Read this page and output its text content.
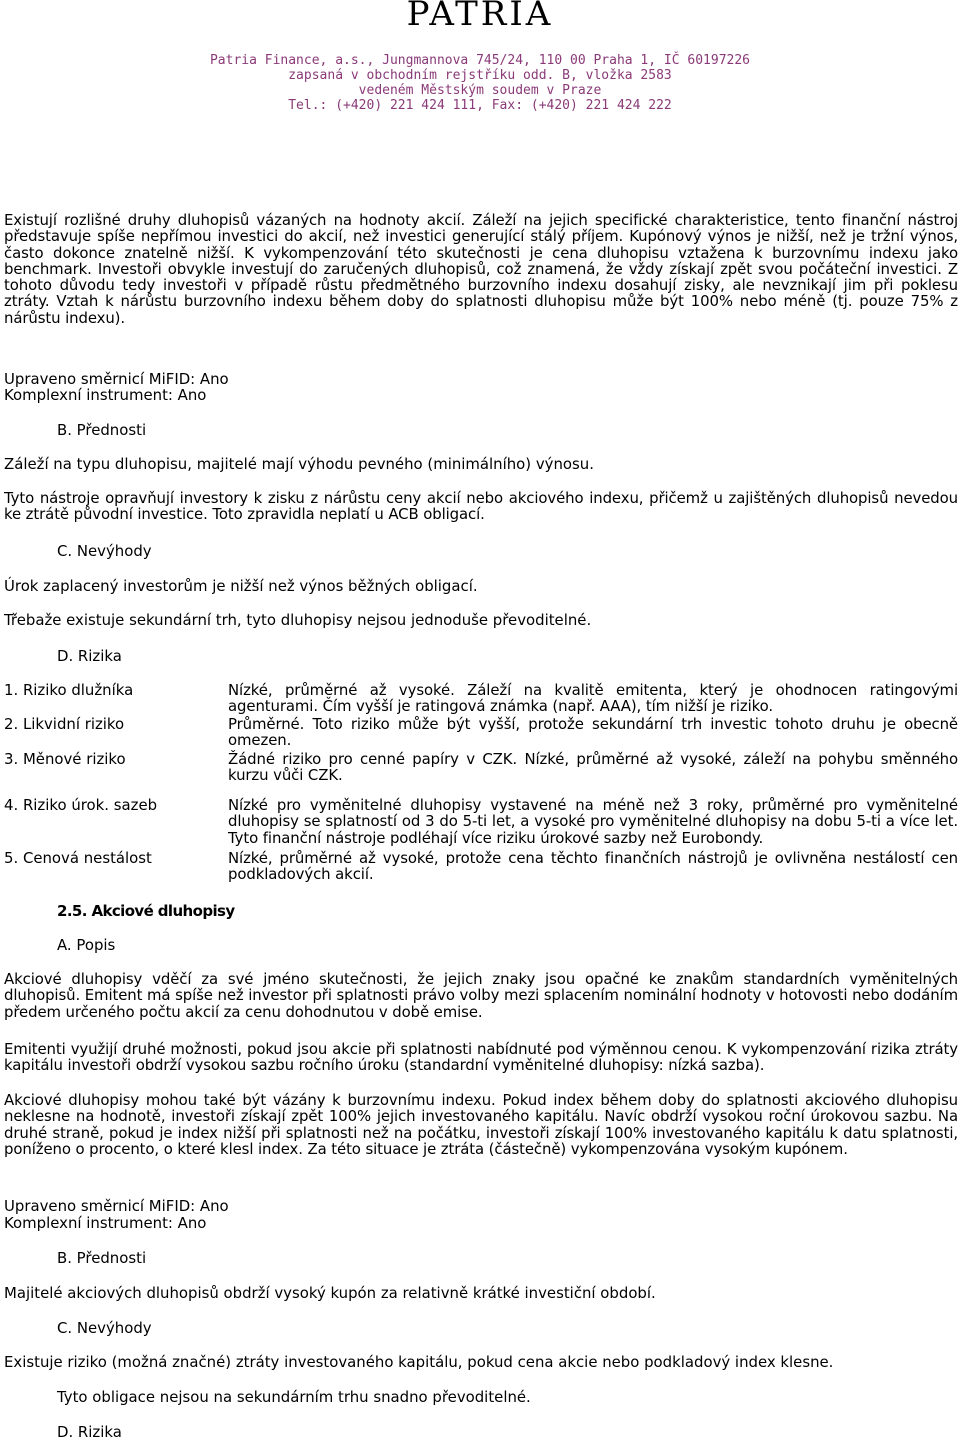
PATRIA
Patria Finance, a.s., Jungmannova 745/24, 110 00 Praha 1, IČ 60197226
zapsaná v obchodním rejstříku odd. B, vložka 2583
vedeném Městským soudem v Praze
Tel.: (+420) 221 424 111, Fax: (+420) 221 424 222

Existují rozlišné druhy dluhopisů vázaných na hodnoty akcií. Záleží na jejich specifické charakteristice, tento finanční nástroj představuje spíše nepřímou investici do akcií, než investici generující stálý příjem. Kupónový výnos je nižší, než je tržní výnos, často dokonce znatelně nižší. K vykompenzování této skutečnosti je cena dluhopisu vztažena k burzovnímu indexu jako benchmark. Investoři obvykle investují do zaručených dluhopisů, což znamená, že vždy získají zpět svou počáteční investici. Z tohoto důvodu tedy investoři v případě růstu předmětného burzovního indexu dosahují zisky, ale nevznikají jim při poklesu ztráty. Vztah k nárůstu burzovního indexu během doby do splatnosti dluhopisu může být 100% nebo méně (tj. pouze 75% z nárůstu indexu).

Upraveno směrnicí MiFID: Ano

Komplexní instrument: Ano

B. Přednosti

Záleží na typu dluhopisu, majitelé mají výhodu pevného (minimálního) výnosu.

Tyto nástroje opravňují investory k zisku z nárůstu ceny akcií nebo akciového indexu, přičemž u zajištěných dluhopisů nevedou ke ztrátě původní investice. Toto zpravidla neplatí u ACB obligací.

C. Nevýhody

Úrok zaplacený investorům je nižší než výnos běžných obligací.

Třebaže existuje sekundární trh, tyto dluhopisy nejsou jednoduše převoditelné.

D. Rizika

1. Riziko dlužníka	Nízké, průměrné až vysoké. Záleží na kvalitě emitenta, který je ohodnocen ratingovými agenturami. Čím vyšší je ratingová známka (např. AAA), tím nižší je riziko.

2. Likvidní riziko	Průměrné. Toto riziko může být vyšší, protože sekundární trh investic tohoto druhu je obecně omezen.

3. Měnové riziko	Žádné riziko pro cenné papíry v CZK. Nízké, průměrné až vysoké, záleží na pohybu směnného kurzu vůči CZK.

4. Riziko úrok. sazeb	Nízké pro vyměnitelné dluhopisy vystavené na méně než 3 roky, průměrné pro vyměnitelné dluhopisy se splatností od 3 do 5-ti let, a vysoké pro vyměnitelné dluhopisy na dobu 5-ti a více let. Tyto finanční nástroje podléhají více riziku úrokové sazby než Eurobondy.

5. Cenová nestálost	Nízké, průměrné až vysoké, protože cena těchto finančních nástrojů je ovlivněna nestálostí cen podkladových akcií.

2.5. Akciové dluhopisy

A. Popis

Akciové dluhopisy vděčí za své jméno skutečnosti, že jejich znaky jsou opačné ke znakům standardních vyměnitelných dluhopisů. Emitent má spíše než investor při splatnosti právo volby mezi splacením nominální hodnoty v hotovosti nebo dodáním předem určeného počtu akcií za cenu dohodnutou v době emise.

Emitenti využijí druhé možnosti, pokud jsou akcie při splatnosti nabídnuté pod výměnnou cenou. K vykompenzování rizika ztráty kapitálu investoři obdrží vysokou sazbu ročního úroku (standardní vyměnitelné dluhopisy: nízká sazba).

Akciové dluhopisy mohou také být vázány k burzovnímu indexu. Pokud index během doby do splatnosti akciového dluhopisu neklesne na hodnotě, investoři získají zpět 100% jejich investovaného kapitálu. Navíc obdrží vysokou roční úrokovou sazbu. Na druhé straně, pokud je index nižší při splatnosti než na počátku, investoři získají 100% investovaného kapitálu k datu splatnosti, poníženo o procento, o které klesl index. Za této situace je ztráta (částečně) vykompenzována vysokým kupónem.

Upraveno směrnicí MiFID: Ano

Komplexní instrument: Ano

B. Přednosti

Majitelé akciových dluhopisů obdrží vysoký kupón za relativně krátké investiční období.

C. Nevýhody

Existuje riziko (možná značné) ztráty investovaného kapitálu, pokud cena akcie nebo podkladový index klesne.

Tyto obligace nejsou na sekundárním trhu snadno převoditelné.

D. Rizika
